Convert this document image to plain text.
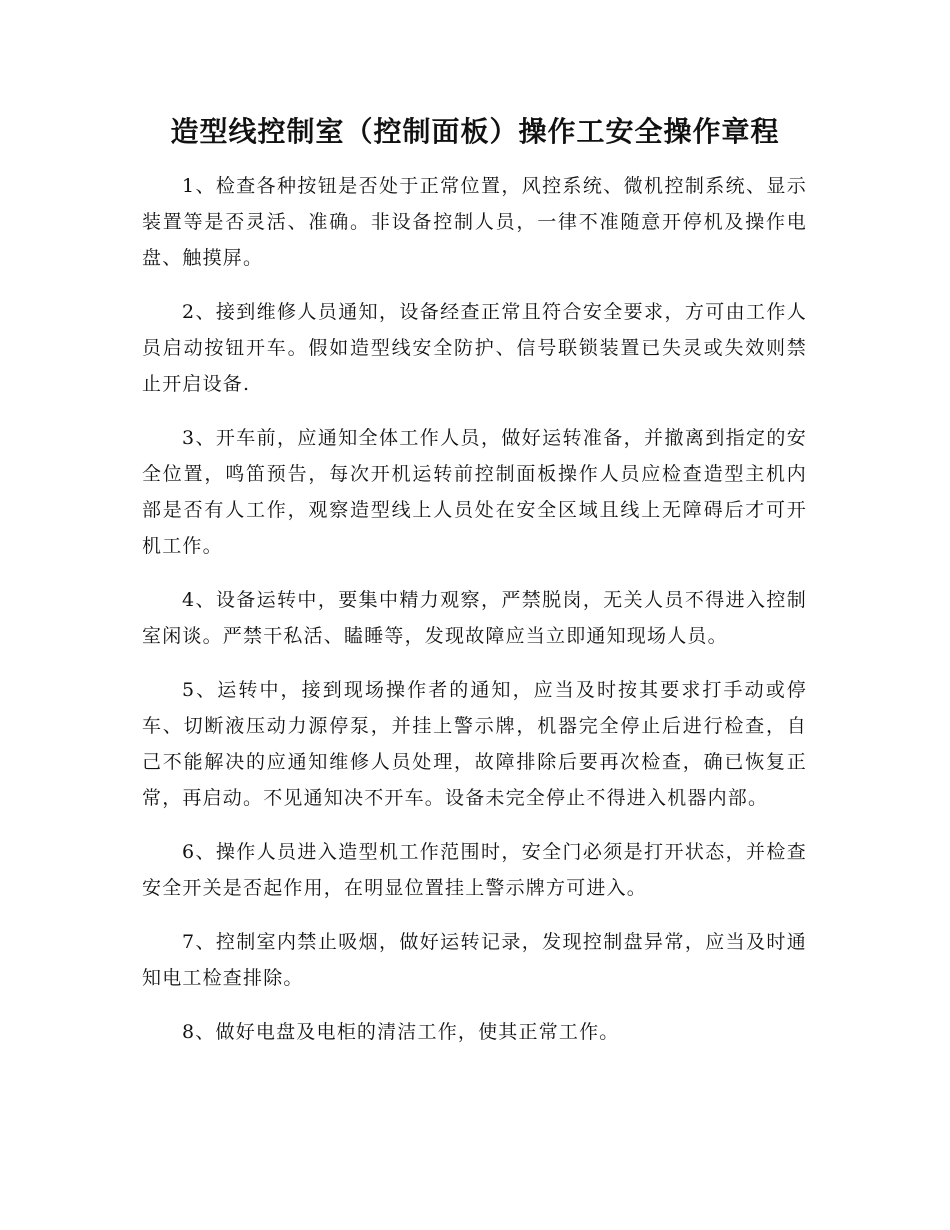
造型线控制室（控制面板）操作工安全操作章程

1、检查各种按钮是否处于正常位置，风控系统、微机控制系统、显示装置等是否灵活、准确。非设备控制人员，一律不准随意开停机及操作电盘、触摸屏。

2、接到维修人员通知，设备经查正常且符合安全要求，方可由工作人员启动按钮开车。假如造型线安全防护、信号联锁装置已失灵或失效则禁止开启设备.

3、开车前，应通知全体工作人员，做好运转准备，并撤离到指定的安全位置，鸣笛预告，每次开机运转前控制面板操作人员应检查造型主机内部是否有人工作，观察造型线上人员处在安全区域且线上无障碍后才可开机工作。

4、设备运转中，要集中精力观察，严禁脱岗，无关人员不得进入控制室闲谈。严禁干私活、瞌睡等，发现故障应当立即通知现场人员。

5、运转中，接到现场操作者的通知，应当及时按其要求打手动或停车、切断液压动力源停泵，并挂上警示牌，机器完全停止后进行检查，自己不能解决的应通知维修人员处理，故障排除后要再次检查，确已恢复正常，再启动。不见通知决不开车。设备未完全停止不得进入机器内部。

6、操作人员进入造型机工作范围时，安全门必须是打开状态，并检查安全开关是否起作用，在明显位置挂上警示牌方可进入。

7、控制室内禁止吸烟，做好运转记录，发现控制盘异常，应当及时通知电工检查排除。

8、做好电盘及电柜的清洁工作，使其正常工作。
